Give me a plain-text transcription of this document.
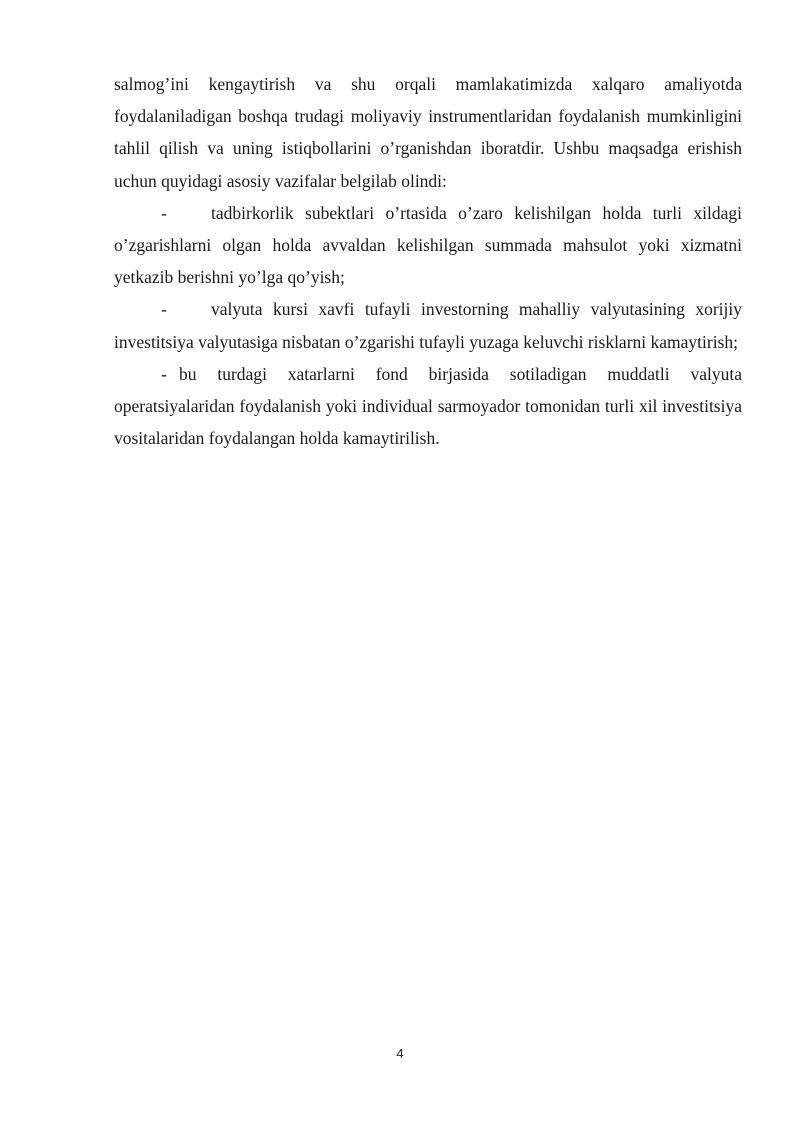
salmog’ini kengaytirish va shu orqali mamlakatimizda xalqaro amaliyotda foydalaniladigan boshqa trudagi moliyaviy instrumentlaridan foydalanish mumkinligini tahlil qilish va uning istiqbollarini o’rganishdan iboratdir. Ushbu maqsadga erishish uchun quyidagi asosiy vazifalar belgilab olindi:

-	tadbirkorlik subektlari o’rtasida o’zaro kelishilgan holda turli xildagi o’zgarishlarni olgan holda avvaldan kelishilgan summada mahsulot yoki xizmatni yetkazib berishni yo’lga qo’yish;

-	valyuta kursi xavfi tufayli investorning mahalliy valyutasining xorijiy investitsiya valyutasiga nisbatan o’zgarishi tufayli yuzaga keluvchi risklarni kamaytirish;

- bu turdagi xatarlarni fond birjasida sotiladigan muddatli valyuta operatsiyalaridan foydalanish yoki individual sarmoyador tomonidan turli xil investitsiya vositalaridan foydalangan holda kamaytirilish.

4
